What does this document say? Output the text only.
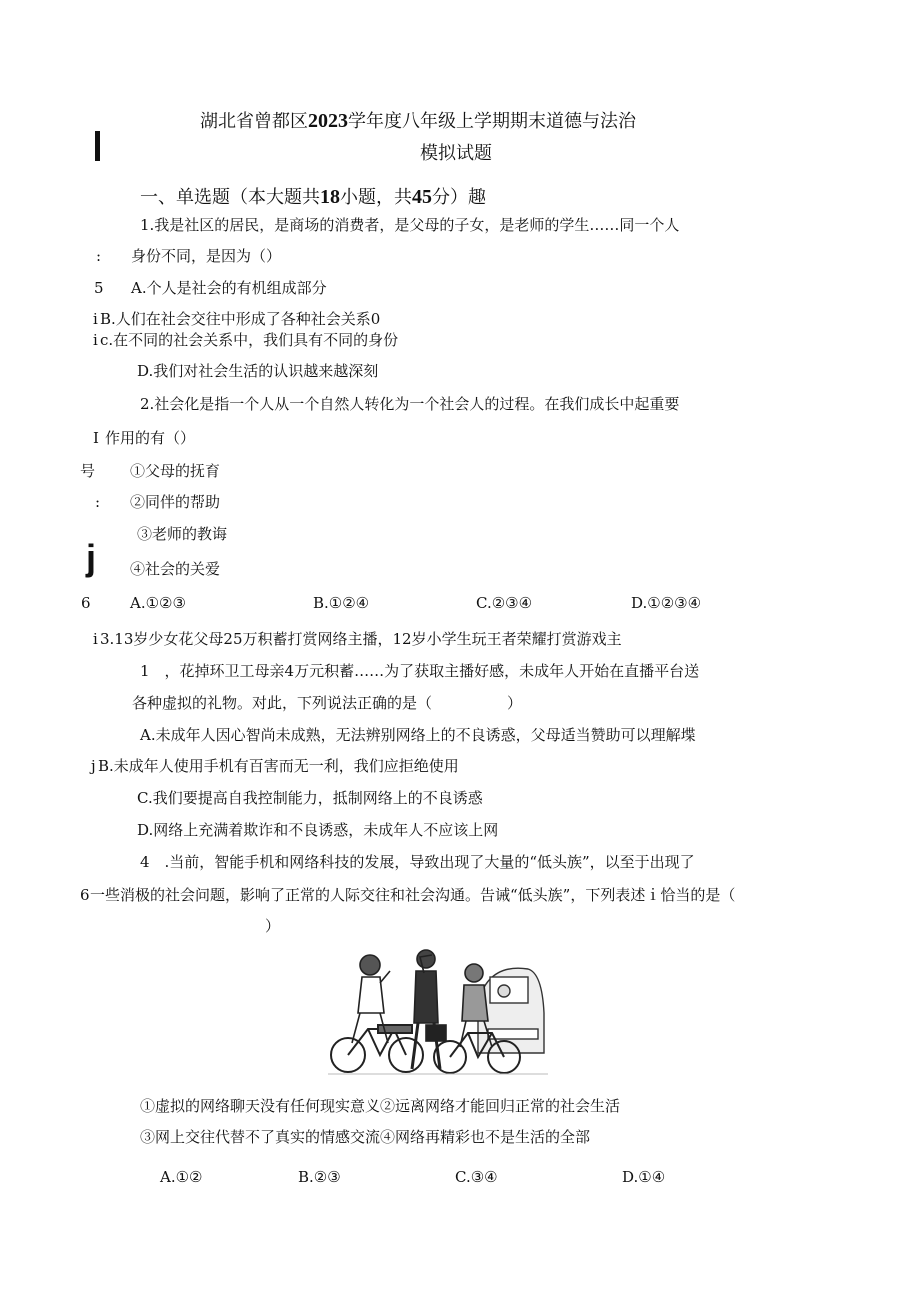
湖北省曾都区2023学年度八年级上学期期末道德与法治
模拟试题
一、单选题（本大题共18小题，共45分）趣
1.我是社区的居民，是商场的消费者，是父母的子女，是老师的学生……同一个人
: 身份不同，是因为（）
5 A.个人是社会的有机组成部分
i B.人们在社会交往中形成了各种社会关系0
i c.在不同的社会关系中，我们具有不同的身份
D.我们对社会生活的认识越来越深刻
2.社会化是指一个人从一个自然人转化为一个社会人的过程。在我们成长中起重要
I 作用的有（）
号 ①父母的抚育
: ②同伴的帮助
③老师的教诲
j ④社会的关爱
6	A.①②③	B.①②④	C.②③④	D.①②③④
i 3.13岁少女花父母25万积蓄打赏网络主播，12岁小学生玩王者荣耀打赏游戏主
1　，花掉环卫工母亲4万元积蓄……为了获取主播好感，未成年人开始在直播平台送
各种虚拟的礼物。对此，下列说法正确的是（　　　　　）
A.未成年人因心智尚未成熟，无法辨别网络上的不良诱惑，父母适当赞助可以理解堞
j B.未成年人使用手机有百害而无一利，我们应拒绝使用
C.我们要提高自我控制能力，抵制网络上的不良诱惑
D.网络上充满着欺诈和不良诱惑，未成年人不应该上网
4　.当前，智能手机和网络科技的发展，导致出现了大量的“低头族”，以至于出现了
6 一些消极的社会问题，影响了正常的人际交往和社会沟通。告诫“低头族”，下列表述ｉ恰当的是（
）
①虚拟的网络聊天没有任何现实意义②远离网络才能回归正常的社会生活
③网上交往代替不了真实的情感交流④网络再精彩也不是生活的全部
A.①②	B.②③	C.③④	D.①④
